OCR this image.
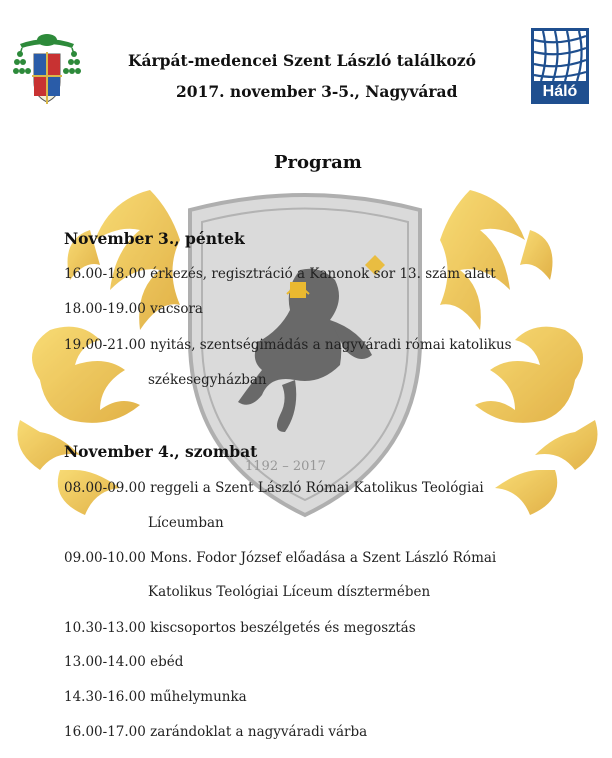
Háló
Kárpát-medencei Szent László találkozó
2017. november 3-5., Nagyvárad
Program
1192 – 2017
November 3., péntek
16.00-18.00 érkezés, regisztráció a Kanonok sor 13. szám alatt
18.00-19.00 vacsora
19.00-21.00 nyitás, szentségimádás a nagyváradi római katolikus
székesegyházban
November 4., szombat
08.00-09.00 reggeli a Szent László Római Katolikus Teológiai
Líceumban
09.00-10.00 Mons. Fodor József előadása a Szent László Római
Katolikus Teológiai Líceum dísztermében
10.30-13.00 kiscsoportos beszélgetés és megosztás
13.00-14.00 ebéd
14.30-16.00 műhelymunka
16.00-17.00 zarándoklat a nagyváradi várba
